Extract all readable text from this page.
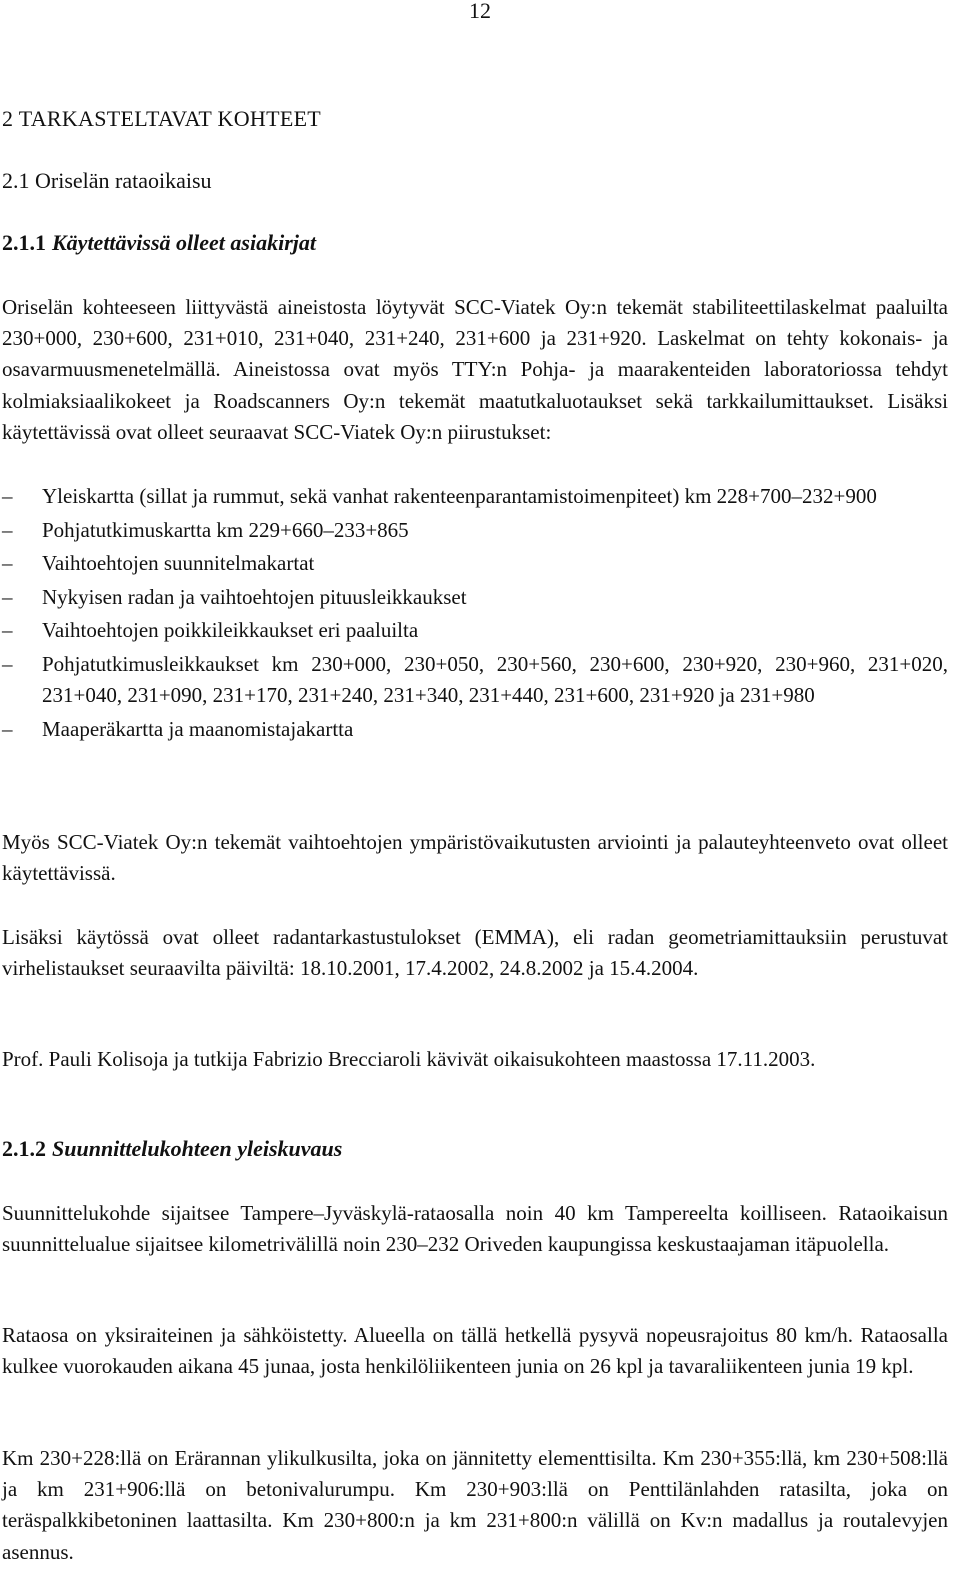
12
2 TARKASTELTAVAT KOHTEET
2.1 Oriselän rataoikaisu
2.1.1 Käytettävissä olleet asiakirjat

Oriselän kohteeseen liittyvästä aineistosta löytyvät SCC-Viatek Oy:n tekemät stabiliteettilaskelmat paaluilta 230+000, 230+600, 231+010, 231+040, 231+240, 231+600 ja 231+920. Laskelmat on tehty kokonais- ja osavarmuusmenetelmällä. Aineistossa ovat myös TTY:n Pohja- ja maarakenteiden laboratoriossa tehdyt kolmiaksiaalikokeet ja Roadscanners Oy:n tekemät maatutkaluotaukset sekä tarkkailumittaukset. Lisäksi käytettävissä ovat olleet seuraavat SCC-Viatek Oy:n piirustukset:

–	Yleiskartta (sillat ja rummut, sekä vanhat rakenteenparantamistoimenpiteet) km 228+700–232+900
–	Pohjatutkimuskartta km 229+660–233+865
–	Vaihtoehtojen suunnitelmakartat
–	Nykyisen radan ja vaihtoehtojen pituusleikkaukset
–	Vaihtoehtojen poikkileikkaukset eri paaluilta
–	Pohjatutkimusleikkaukset km 230+000, 230+050, 230+560, 230+600, 230+920, 230+960, 231+020, 231+040, 231+090, 231+170, 231+240, 231+340, 231+440, 231+600, 231+920 ja 231+980
–	Maaperäkartta ja maanomistajakartta

Myös SCC-Viatek Oy:n tekemät vaihtoehtojen ympäristövaikutusten arviointi ja palauteyhteenveto ovat olleet käytettävissä.

Lisäksi käytössä ovat olleet radantarkastustulokset (EMMA), eli radan geometriamittauksiin perustuvat virhelistaukset seuraavilta päiviltä: 18.10.2001, 17.4.2002, 24.8.2002 ja 15.4.2004.

Prof. Pauli Kolisoja ja tutkija Fabrizio Brecciaroli kävivät oikaisukohteen maastossa 17.11.2003.

2.1.2 Suunnittelukohteen yleiskuvaus

Suunnittelukohde sijaitsee Tampere–Jyväskylä-rataosalla noin 40 km Tampereelta koilliseen. Rataoikaisun suunnittelualue sijaitsee kilometrivälillä noin 230–232 Oriveden kaupungissa keskustaajaman itäpuolella.

Rataosa on yksiraiteinen ja sähköistetty. Alueella on tällä hetkellä pysyvä nopeusrajoitus 80 km/h. Rataosalla kulkee vuorokauden aikana 45 junaa, josta henkilöliikenteen junia on 26 kpl ja tavaraliikenteen junia 19 kpl.

Km 230+228:llä on Erärannan ylikulkusilta, joka on jännitetty elementtisilta. Km 230+355:llä, km 230+508:llä ja km 231+906:llä on betonivalurumpu. Km 230+903:llä on Penttilänlahden ratasilta, joka on teräspalkkibetoninen laattasilta. Km 230+800:n ja km 231+800:n välillä on Kv:n madallus ja routalevyjen asennus.
